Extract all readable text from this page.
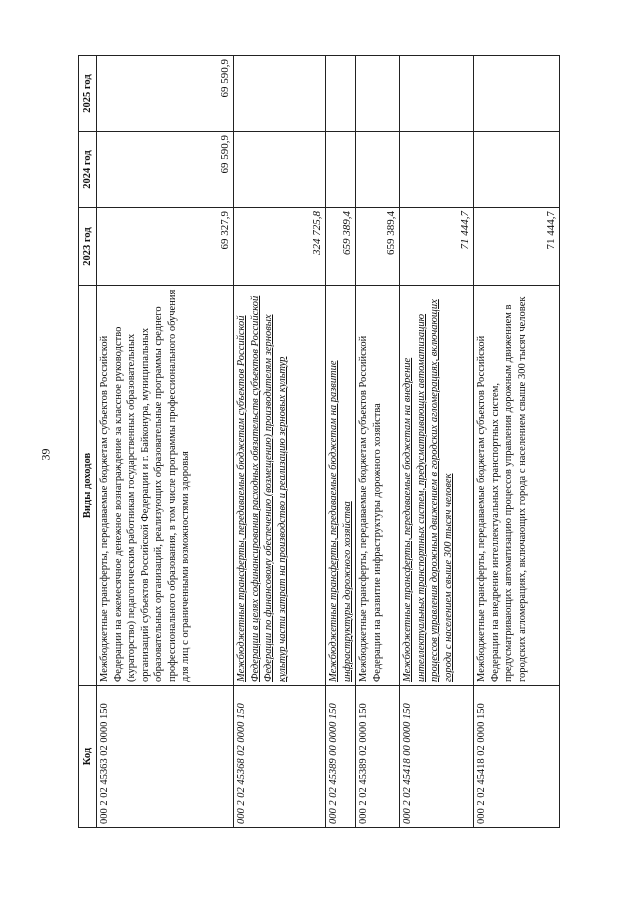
39
Код	Виды доходов	2023 год	2024 год	2025 год
000 2 02 45363 02 0000 150	Межбюджетные трансферты, передаваемые бюджетам субъектов Российской Федерации на ежемесячное денежное вознаграждение за классное руководство (кураторство) педагогическим работникам государственных образовательных организаций субъектов Российской Федерации и г. Байконура, муниципальных образовательных организаций, реализующих образовательные программы среднего профессионального образования, в том числе программы профессионального обучения для лиц с ограниченными возможностями здоровья	69 327,9	69 590,9	69 590,9
000 2 02 45368 02 0000 150	Межбюджетные трансферты, передаваемые бюджетам субъектов Российской Федерации в целях софинансирования расходных обязательств субъектов Российской Федерации по финансовому обеспечению (возмещению) производителям зерновых культур части затрат на производство и реализацию зерновых культур	324 725,8		
000 2 02 45389 00 0000 150	Межбюджетные трансферты, передаваемые бюджетам на развитие инфраструктуры дорожного хозяйства	659 389,4		
000 2 02 45389 02 0000 150	Межбюджетные трансферты, передаваемые бюджетам субъектов Российской Федерации на развитие инфраструктуры дорожного хозяйства	659 389,4		
000 2 02 45418 00 0000 150	Межбюджетные трансферты, передаваемые бюджетам на внедрение интеллектуальных транспортных систем, предусматривающих автоматизацию процессов управления дорожным движением в городских агломерациях, включающих города с населением свыше 300 тысяч человек	71 444,7		
000 2 02 45418 02 0000 150	Межбюджетные трансферты, передаваемые бюджетам субъектов Российской Федерации на внедрение интеллектуальных транспортных систем, предусматривающих автоматизацию процессов управления дорожным движением в городских агломерациях, включающих города с населением свыше 300 тысяч человек	71 444,7		
